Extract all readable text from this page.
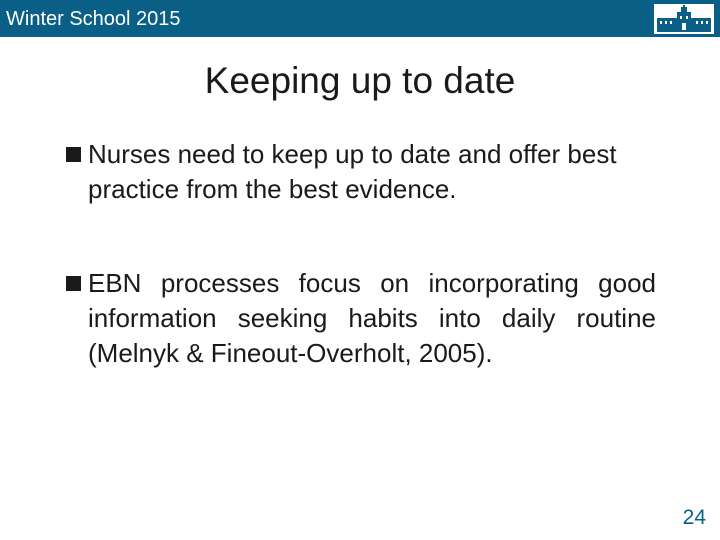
Winter School 2015
Keeping up to date
Nurses need to keep up to date and offer best practice from the best evidence.
EBN processes focus on incorporating good information seeking habits into daily routine (Melnyk & Fineout-Overholt, 2005).
24
